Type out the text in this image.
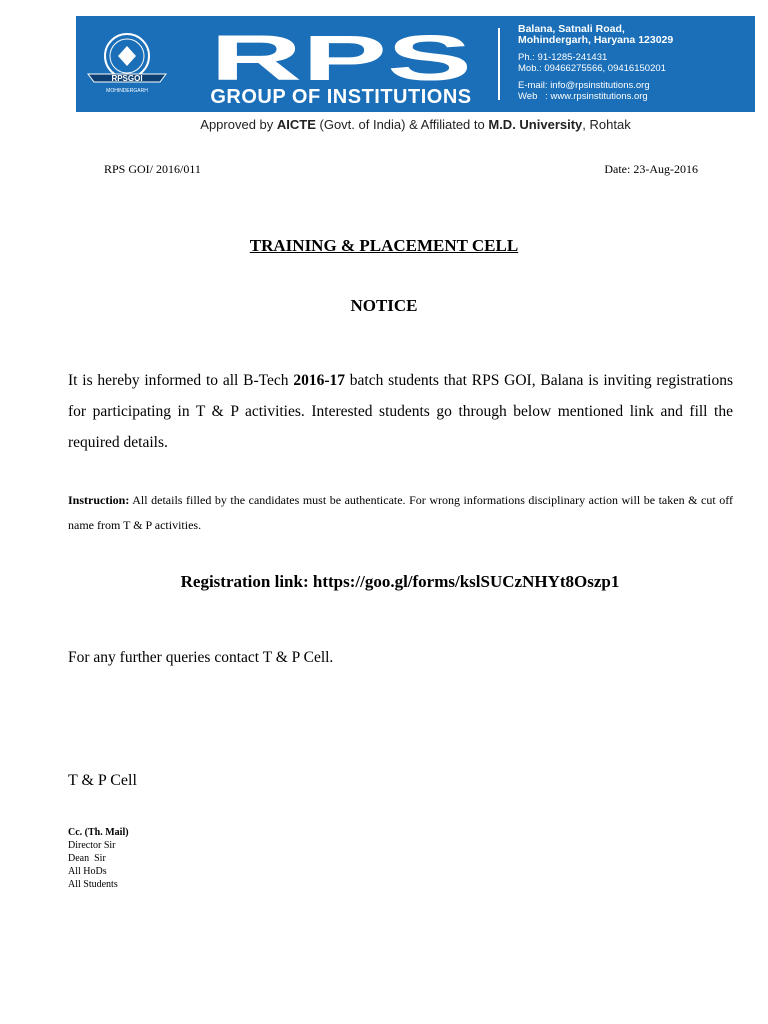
RPSGOI
MOHINDERGARH RPS
GROUP OF INSTITUTIONS
Balana, Satnali Road,
Mohindergarh, Haryana 123029
Ph.: 91-1285-241431
Mob.: 09466275566, 09416150201
E-mail: info@rpsinstitutions.org
Web   : www.rpsinstitutions.org
Approved by AICTE (Govt. of India) & Affiliated to M.D. University, Rohtak
RPS GOI/ 2016/011	Date: 23-Aug-2016
TRAINING & PLACEMENT CELL
NOTICE
It is hereby informed to all B-Tech 2016-17 batch students that RPS GOI, Balana is inviting registrations for participating in T & P activities. Interested students go through below mentioned link and fill the required details.
Instruction: All details filled by the candidates must be authenticate. For wrong informations disciplinary action will be taken & cut off name from T & P activities.
Registration link: https://goo.gl/forms/kslSUCzNHYt8Oszp1
For any further queries contact T & P Cell.
T & P Cell
Cc. (Th. Mail)
Director Sir
Dean  Sir
All HoDs
All Students
